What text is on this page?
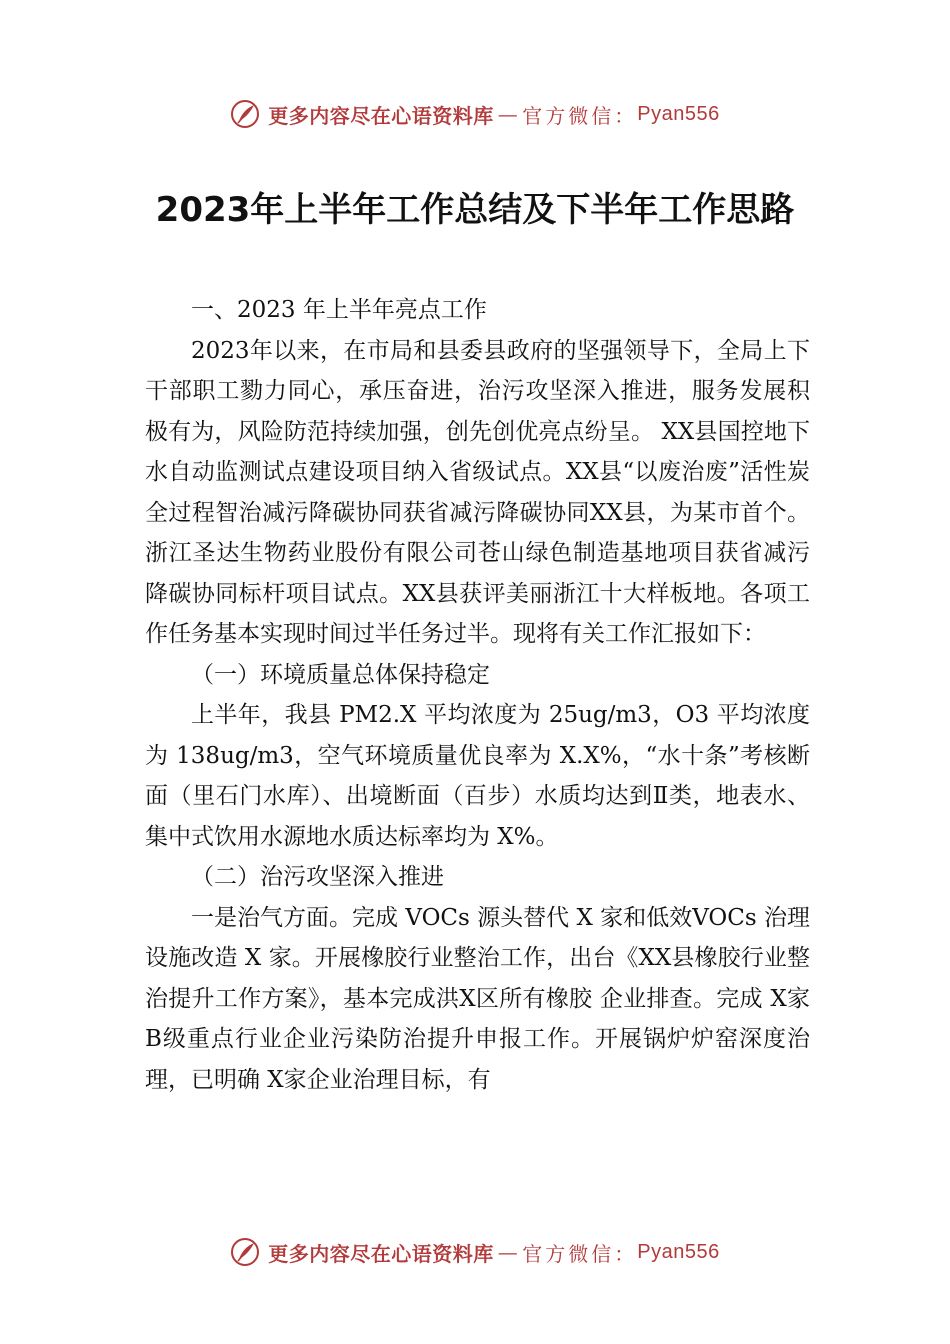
更多内容尽在心语资料库 — 官方微信： Pyan556
2023年上半年工作总结及下半年工作思路

一、2023 年上半年亮点工作

2023年以来，在市局和县委县政府的坚强领导下，全局上下干部职工勠力同心，承压奋进，治污攻坚深入推进，服务发展积极有为，风险防范持续加强，创先创优亮点纷呈。 XX县国控地下水自动监测试点建设项目纳入省级试点。XX县“以废治废”活性炭全过程智治减污降碳协同获省减污降碳协同XX县，为某市首个。浙江圣达生物药业股份有限公司苍山绿色制造基地项目获省减污降碳协同标杆项目试点。XX县获评美丽浙江十大样板地。各项工作任务基本实现时间过半任务过半。现将有关工作汇报如下：

（一）环境质量总体保持稳定

上半年，我县 PM2.X 平均浓度为 25ug/m3，O3 平均浓度为 138ug/m3，空气环境质量优良率为 X.X%，“水十条”考核断面（里石门水库）、出境断面（百步）水质均达到Ⅱ类，地表水、集中式饮用水源地水质达标率均为 X%。

（二）治污攻坚深入推进

一是治气方面。完成 VOCs 源头替代 X 家和低效VOCs 治理设施改造 X 家。开展橡胶行业整治工作，出台《XX县橡胶行业整治提升工作方案》，基本完成洪X区所有橡胶 企业排查。完成 X家 B级重点行业企业污染防治提升申报工作。开展锅炉炉窑深度治理，已明确 X家企业治理目标，有

更多内容尽在心语资料库 — 官方微信： Pyan556
